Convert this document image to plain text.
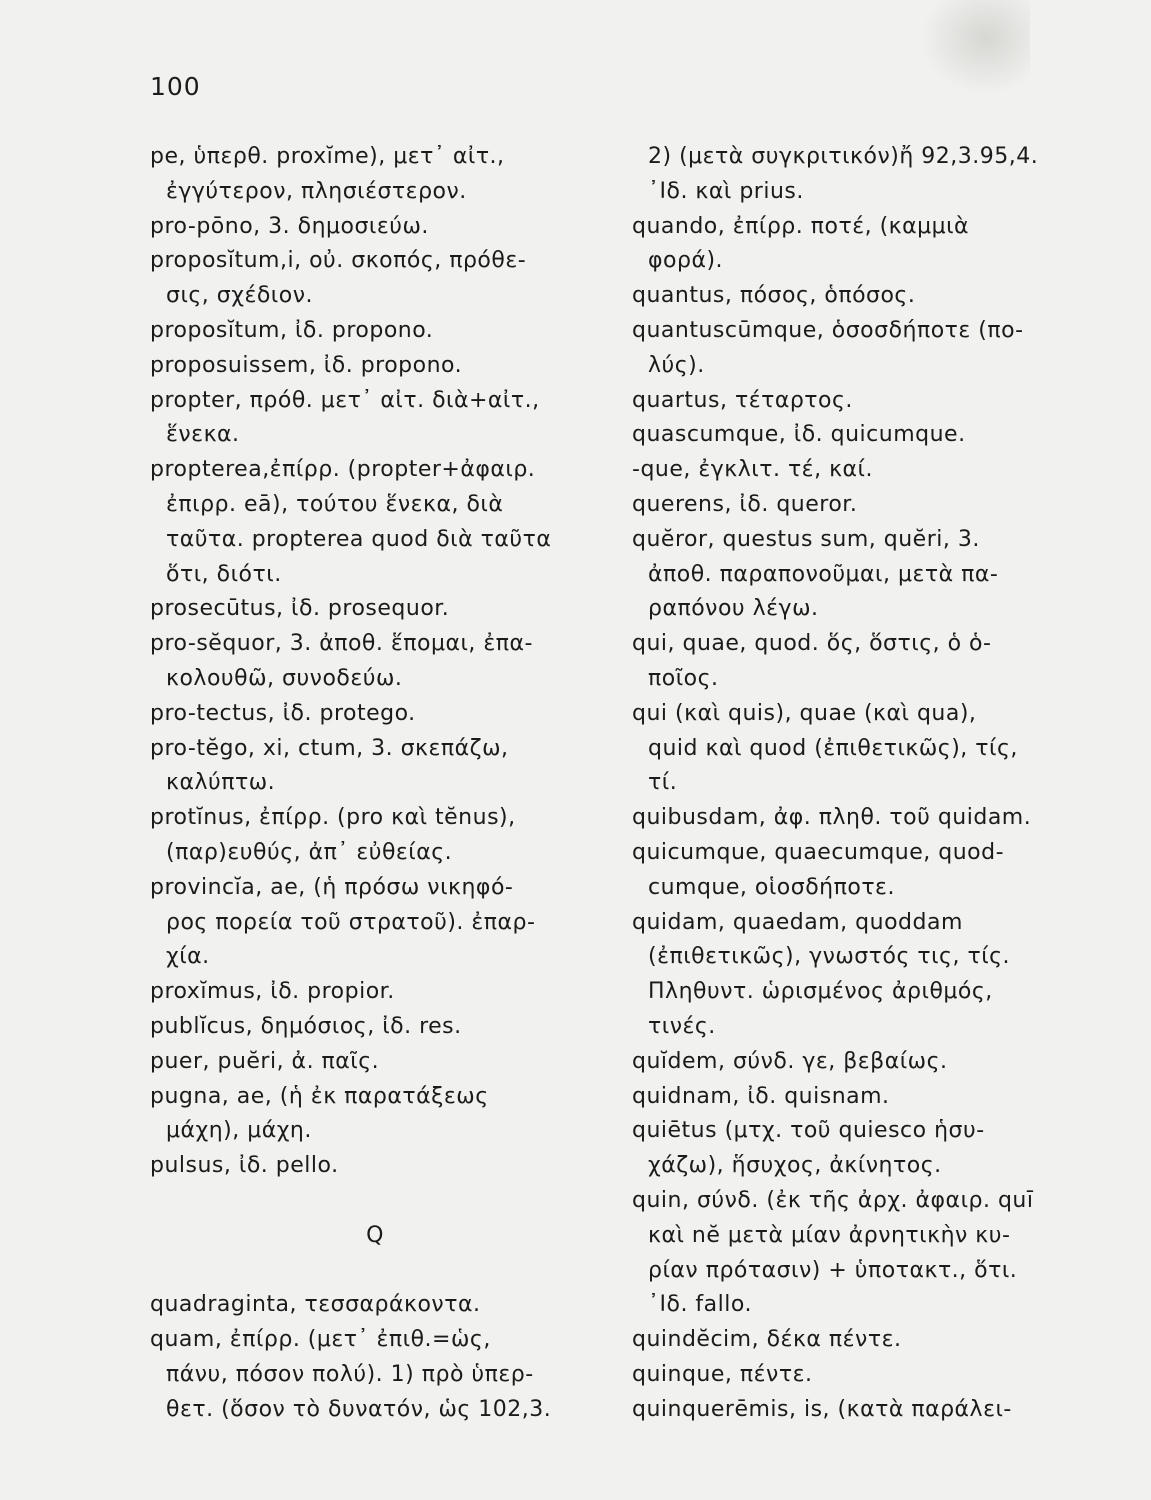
100
pe, ὑπερθ. proxĭme), μετ᾽ αἰτ.,
ἐγγύτερον, πλησιέστερον.
pro-pōno, 3. δημοσιεύω.
proposĭtum,i, οὐ. σκοπός, πρόθε-
σις, σχέδιον.
proposĭtum, ἰδ. propono.
proposuissem, ἰδ. propono.
propter, πρόθ. μετ᾽ αἰτ. διὰ+αἰτ.,
ἕνεκα.
propterea,ἐπίρρ. (propter+ἀφαιρ.
ἐπιρρ. eā), τούτου ἕνεκα, διὰ
ταῦτα. propterea quod διὰ ταῦτα
ὅτι, διότι.
prosecūtus, ἰδ. prosequor.
pro-sĕquor, 3. ἀποθ. ἕπομαι, ἐπα-
κολουθῶ, συνοδεύω.
pro-tectus, ἰδ. protego.
pro-tĕgo, xi, ctum, 3. σκεπάζω,
καλύπτω.
protĭnus, ἐπίρρ. (pro καὶ tĕnus),
(παρ)ευθύς, ἀπ᾽ εὐθείας.
provincĭa, ae, (ἡ πρόσω νικηφό-
ρος πορεία τοῦ στρατοῦ). ἐπαρ-
χία.
proxĭmus, ἰδ. propior.
publĭcus, δημόσιος, ἰδ. res.
puer, puĕri, ἀ. παῖς.
pugna, ae, (ἡ ἐκ παρατάξεως
μάχη), μάχη.
pulsus, ἰδ. pello.
Q
quadraginta, τεσσαράκοντα.
quam, ἐπίρρ. (μετ᾽ ἐπιθ.=ὡς,
πάνυ, πόσον πολύ). 1) πρὸ ὑπερ-
θετ. (ὅσον τὸ δυνατόν, ὡς 102,3.
2) (μετὰ συγκριτικόν)ἤ 92,3.95,4.
᾽Ιδ. καὶ prius.
quando, ἐπίρρ. ποτέ, (καμμιὰ
φορά).
quantus, πόσος, ὁπόσος.
quantuscūmque, ὁσοσδήποτε (πο-
λύς).
quartus, τέταρτος.
quascumque, ἰδ. quicumque.
-que, ἐγκλιτ. τέ, καί.
querens, ἰδ. queror.
quĕror, questus sum, quĕri, 3.
ἀποθ. παραπονοῦμαι, μετὰ πα-
ραπόνου λέγω.
qui, quae, quod. ὅς, ὅστις, ὁ ὁ-
ποῖος.
qui (καὶ quis), quae (καὶ qua),
quid καὶ quod (ἐπιθετικῶς), τίς,
τί.
quibusdam, ἀφ. πληθ. τοῦ quidam.
quicumque, quaecumque, quod-
cumque, οἱοσδήποτε.
quidam, quaedam, quoddam
(ἐπιθετικῶς), γνωστός τις, τίς.
Πληθυντ. ὡρισμένος ἀριθμός,
τινές.
quĭdem, σύνδ. γε, βεβαίως.
quidnam, ἰδ. quisnam.
quiētus (μτχ. τοῦ quiesco ἡσυ-
χάζω), ἥσυχος, ἀκίνητος.
quin, σύνδ. (ἐκ τῆς ἀρχ. ἀφαιρ. quī
καὶ nĕ μετὰ μίαν ἀρνητικὴν κυ-
ρίαν πρότασιν) + ὑποτακτ., ὅτι.
᾽Ιδ. fallo.
quindĕcim, δέκα πέντε.
quinque, πέντε.
quinquerēmis, is, (κατὰ παράλει-
